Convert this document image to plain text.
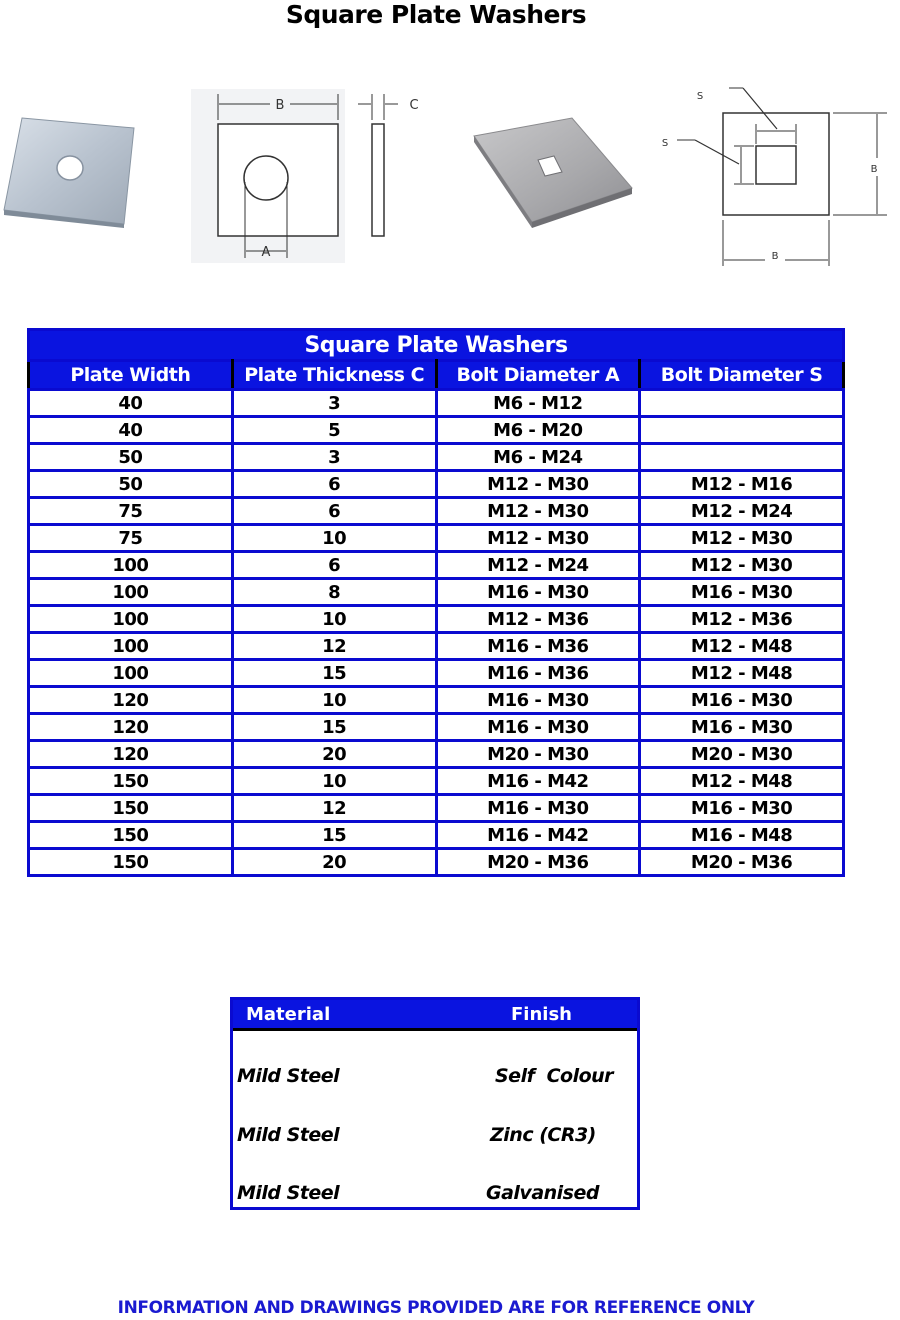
Square Plate Washers
B	C
A
S
S
B
B
Square Plate Washers			
Plate Width	Plate Thickness C	Bolt Diameter A	Bolt Diameter S
40	3	M6 - M12	
40	5	M6 - M20	
50	3	M6 - M24	
50	6	M12 - M30	M12 - M16
75	6	M12 - M30	M12 - M24
75	10	M12 - M30	M12 - M30
100	6	M12 - M24	M12 - M30
100	8	M16 - M30	M16 - M30
100	10	M12 - M36	M12 - M36
100	12	M16 - M36	M12 - M48
100	15	M16 - M36	M12 - M48
120	10	M16 - M30	M16 - M30
120	15	M16 - M30	M16 - M30
120	20	M20 - M30	M20 - M30
150	10	M16 - M42	M12 - M48
150	12	M16 - M30	M16 - M30
150	15	M16 - M42	M16 - M48
150	20	M20 - M36	M20 - M36
Material	Finish
Mild Steel	Self  Colour
Mild Steel	Zinc (CR3)
Mild Steel	Galvanised
INFORMATION AND DRAWINGS PROVIDED ARE FOR REFERENCE ONLY
